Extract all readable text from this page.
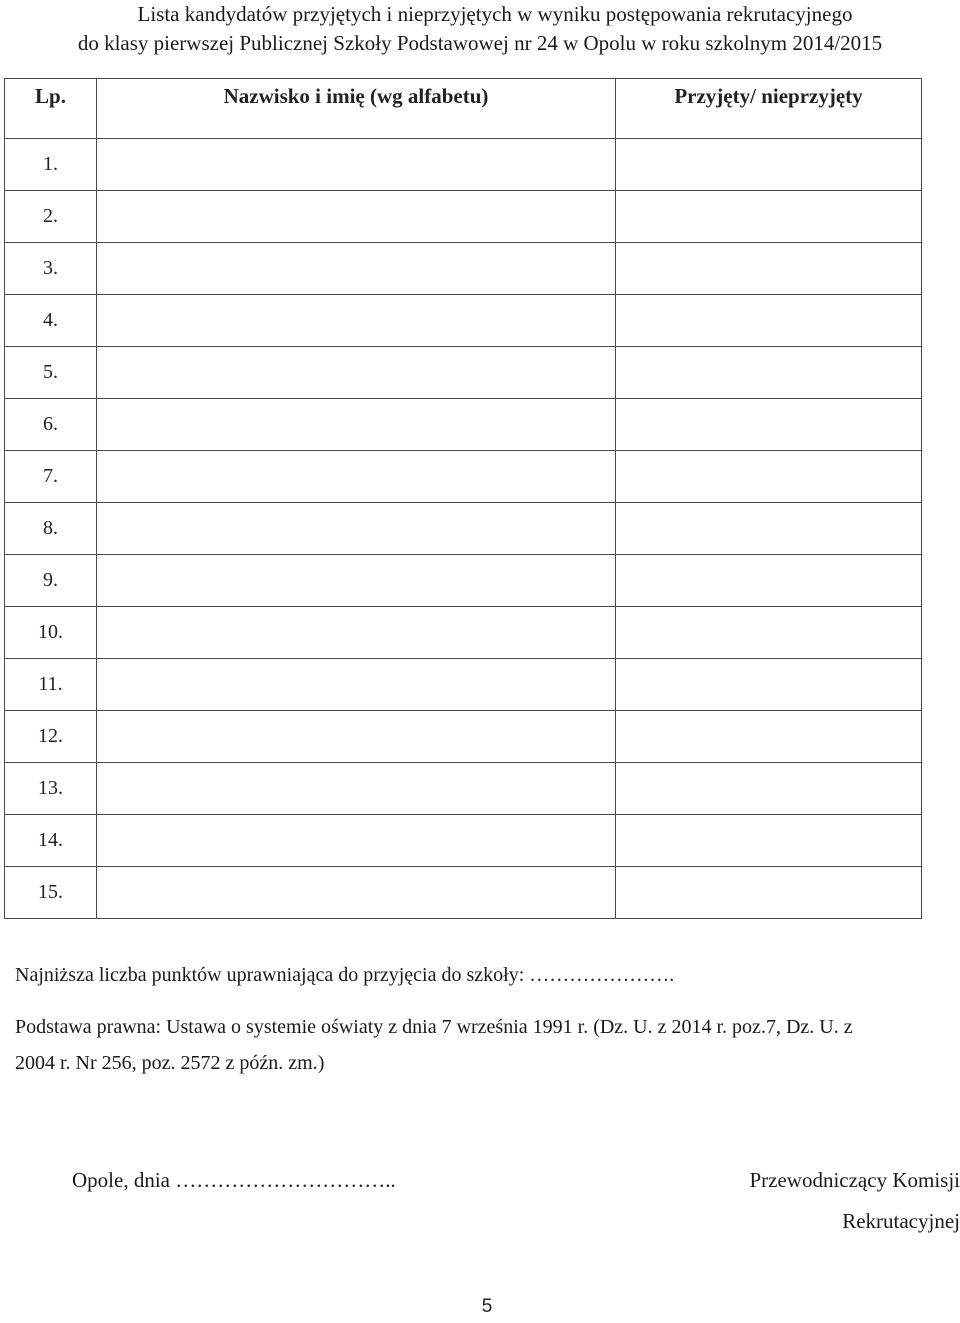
Lista kandydatów przyjętych i nieprzyjętych w wyniku postępowania rekrutacyjnego
do klasy pierwszej Publicznej Szkoły Podstawowej nr 24 w Opolu w roku szkolnym 2014/2015
Lp.	Nazwisko i imię (wg alfabetu)	Przyjęty/ nieprzyjęty
1.		
2.		
3.		
4.		
5.		
6.		
7.		
8.		
9.		
10.		
11.		
12.		
13.		
14.		
15.		
Najniższa liczba punktów uprawniająca do przyjęcia do szkoły: ………………….
Podstawa prawna: Ustawa o systemie oświaty z dnia 7 września 1991 r. (Dz. U. z 2014 r. poz.7, Dz. U. z
2004 r. Nr 256, poz. 2572 z późn. zm.)
Opole, dnia …………………………..	Przewodniczący Komisji
Rekrutacyjnej
5
